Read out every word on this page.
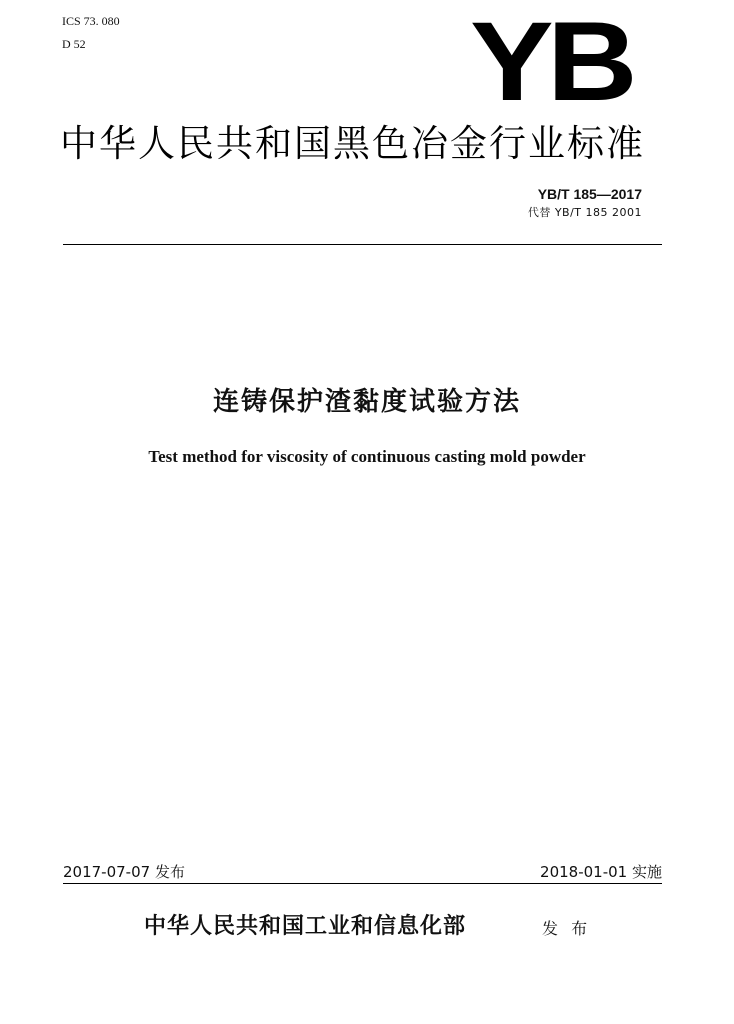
ICS 73. 080
D 52	YB
中华人民共和国黑色冶金行业标准
YB/T 185—2017
代替 YB/T 185 2001
连铸保护渣黏度试验方法
Test method for viscosity of continuous casting mold powder
2017-07-07 发布	2018-01-01 实施
中华人民共和国工业和信息化部	发 布
